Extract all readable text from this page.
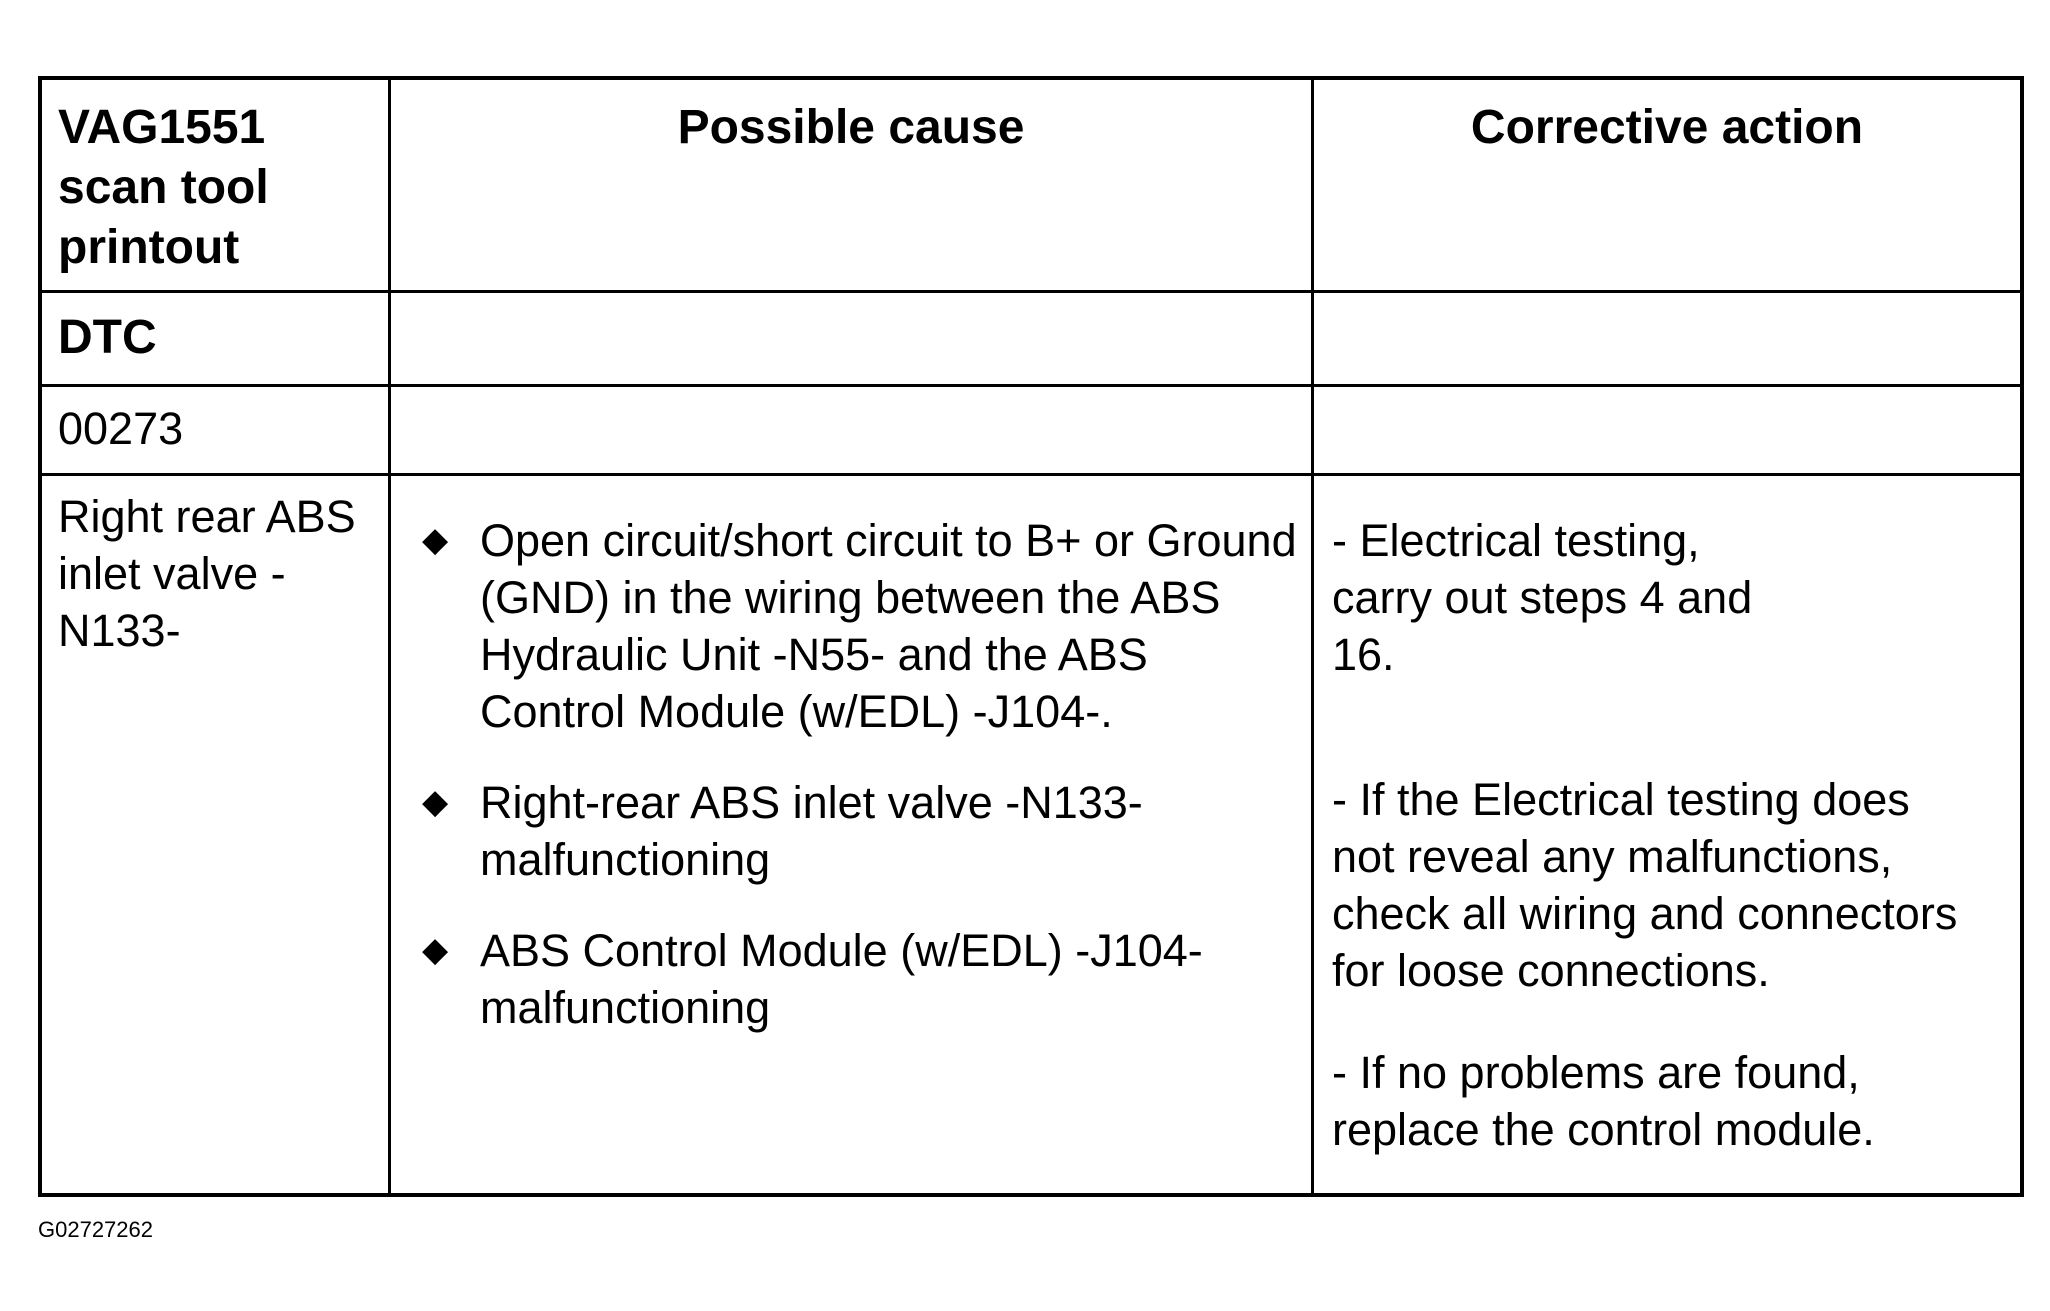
VAG1551 scan tool printout
Possible cause	Corrective action
DTC
00273
Right rear ABS inlet valve -N133-
◆ Open circuit/short circuit to B+ or Ground (GND) in the wiring between the ABS Hydraulic Unit -N55- and the ABS Control Module (w/EDL) -J104-.
◆ Right-rear ABS inlet valve -N133- malfunctioning
◆ ABS Control Module (w/EDL) -J104- malfunctioning
- Electrical testing, carry out steps 4 and 16.
- If the Electrical testing does not reveal any malfunctions, check all wiring and connectors for loose connections.
- If no problems are found, replace the control module.
G02727262
